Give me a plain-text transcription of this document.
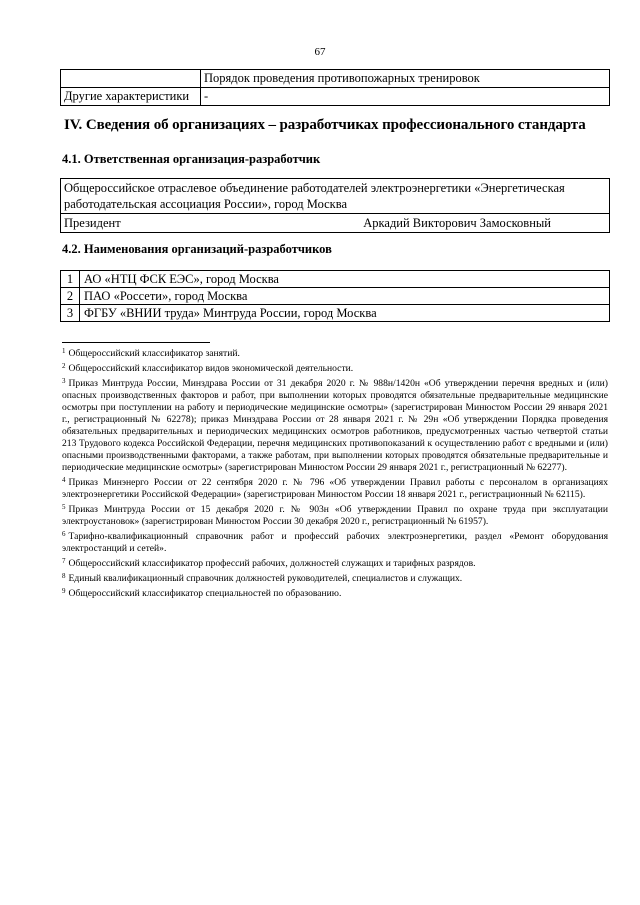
67
	Порядок проведения противопожарных тренировок
Другие характеристики	-
IV. Сведения об организациях – разработчиках профессионального стандарта
4.1. Ответственная организация-разработчик
Общероссийское отраслевое объединение работодателей электроэнергетики «Энергетическая работодательская ассоциация России», город Москва

Президент	Аркадий Викторович Замосковный
4.2. Наименования организаций-разработчиков
1	АО «НТЦ ФСК ЕЭС», город Москва
2	ПАО «Россети», город Москва
3	ФГБУ «ВНИИ труда» Минтруда России, город Москва

$^1$ Общероссийский классификатор занятий.

$^2$ Общероссийский классификатор видов экономической деятельности.

$^3$ Приказ Минтруда России, Минздрава России от 31 декабря 2020 г. № 988н/1420н «Об утверждении перечня вредных и (или) опасных производственных факторов и работ, при выполнении которых проводятся обязательные предварительные медицинские осмотры при поступлении на работу и периодические медицинские осмотры» (зарегистрирован Минюстом России 29 января 2021 г., регистрационный № 62278); приказ Минздрава России от 28 января 2021 г. № 29н «Об утверждении Порядка проведения обязательных предварительных и периодических медицинских осмотров работников, предусмотренных частью четвертой статьи 213 Трудового кодекса Российской Федерации, перечня медицинских противопоказаний к осуществлению работ с вредными и (или) опасными производственными факторами, а также работам, при выполнении которых проводятся обязательные предварительные и периодические медицинские осмотры» (зарегистрирован Минюстом России 29 января 2021 г., регистрационный № 62277).

$^4$ Приказ Минэнерго России от 22 сентября 2020 г. № 796 «Об утверждении Правил работы с персоналом в организациях электроэнергетики Российской Федерации» (зарегистрирован Минюстом России 18 января 2021 г., регистрационный № 62115).

$^5$ Приказ Минтруда России от 15 декабря 2020 г. № 903н «Об утверждении Правил по охране труда при эксплуатации электроустановок» (зарегистрирован Минюстом России 30 декабря 2020 г., регистрационный № 61957).

$^6$ Тарифно-квалификационный справочник работ и профессий рабочих электроэнергетики, раздел «Ремонт оборудования электростанций и сетей».

$^7$ Общероссийский классификатор профессий рабочих, должностей служащих и тарифных разрядов.

$^8$ Единый квалификационный справочник должностей руководителей, специалистов и служащих.

$^9$ Общероссийский классификатор специальностей по образованию.
